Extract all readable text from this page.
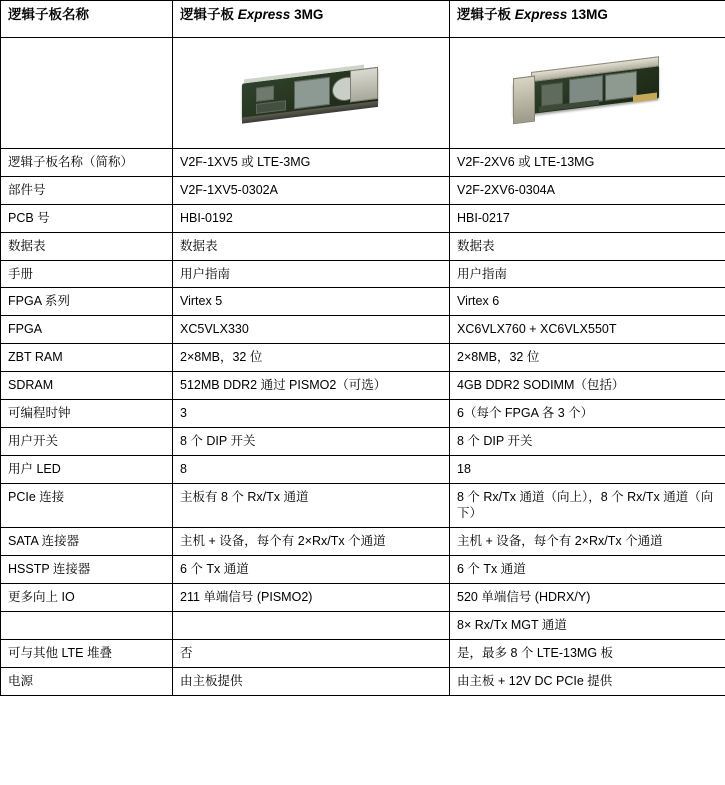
逻辑子板名称	逻辑子板 Express 3MG	逻辑子板 Express 13MG

逻辑子板名称（简称）	V2F-1XV5 或 LTE-3MG	V2F-2XV6 或 LTE-13MG
部件号	V2F-1XV5-0302A	V2F-2XV6-0304A
PCB 号	HBI-0192	HBI-0217
数据表	数据表	数据表
手册	用户指南	用户指南
FPGA 系列	Virtex 5	Virtex 6
FPGA	XC5VLX330	XC6VLX760 + XC6VLX550T
ZBT RAM	2×8MB，32 位	2×8MB，32 位
SDRAM	512MB DDR2 通过 PISMO2（可选）	4GB DDR2 SODIMM（包括）
可编程时钟	3	6（每个 FPGA 各 3 个）
用户开关	8 个 DIP 开关	8 个 DIP 开关
用户 LED	8	18
PCIe 连接	主板有 8 个 Rx/Tx 通道	8 个 Rx/Tx 通道（向上），8 个 Rx/Tx 通道（向下）
SATA 连接器	主机 + 设备，每个有 2×Rx/Tx 个通道	主机 + 设备，每个有 2×Rx/Tx 个通道
HSSTP 连接器	6 个 Tx 通道	6 个 Tx 通道
更多向上 IO	211 单端信号 (PISMO2)	520 单端信号 (HDRX/Y)
		8× Rx/Tx MGT 通道
可与其他 LTE 堆叠	否	是，最多 8 个 LTE-13MG 板
电源	由主板提供	由主板 + 12V DC PCIe 提供
